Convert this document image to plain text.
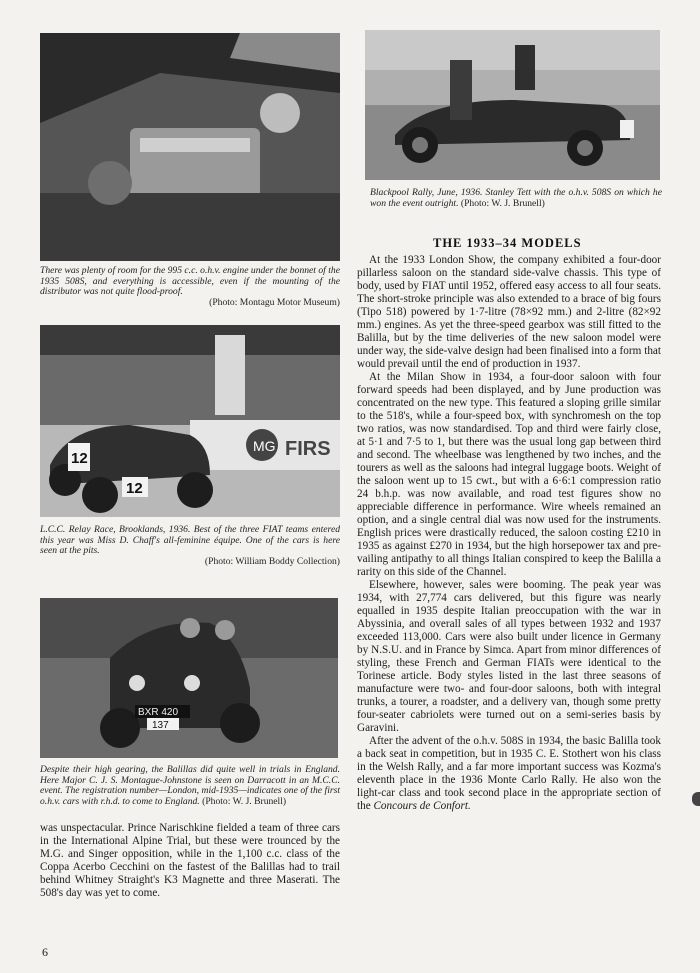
There was plenty of room for the 995 c.c. o.h.v. engine under the bonnet of the 1935 508S, and everything is accessible, even if the mounting of the distributor was not quite flood-proof.
(Photo: Montagu Motor Museum)
Blackpool Rally, June, 1936. Stanley Tett with the o.h.v. 508S on which he won the event outright. (Photo: W. J. Brunell)
MG FIRS
12
12
L.C.C. Relay Race, Brooklands, 1936. Best of the three FIAT teams entered this year was Miss D. Chaff's all-feminine équipe. One of the cars is here seen at the pits.
(Photo: William Boddy Collection)
BXR 420
137
Despite their high gearing, the Balillas did quite well in trials in England. Here Major C. J. S. Montague-Johnstone is seen on Darracott in an M.C.C. event. The registration number—London, mid-1935—indicates one of the first o.h.v. cars with r.h.d. to come to England. (Photo: W. J. Brunell)
THE 1933–34 MODELS

At the 1933 London Show, the company exhibited a four-door pillarless saloon on the standard side-valve chassis. This type of body, used by FIAT until 1952, offered easy access to all four seats. The short-stroke principle was also extended to a brace of big fours (Tipo 518) powered by 1·7-litre (78×92 mm.) and 2-litre (82×92 mm.) engines. As yet the three-speed gearbox was still fitted to the Balilla, but by the time deliveries of the new saloon model were under way, the side-valve design had been finalised into a form that would prevail until the end of production in 1937.

At the Milan Show in 1934, a four-door saloon with four forward speeds had been displayed, and by June production was concentrated on the new type. This featured a sloping grille similar to the 518's, while a four-speed box, with synchromesh on the top two ratios, was now standardised. Top and third were fairly close, at 5·1 and 7·5 to 1, but there was the usual long gap between third and second. The wheelbase was lengthened by two inches, and the tourers as well as the saloons had integral luggage boots. Weight of the saloon went up to 15 cwt., but with a 6·6:1 compression ratio 24 b.h.p. was now available, and road test figures show no appreciable difference in performance. Wire wheels remained an option, and a single central dial was now used for the instruments. English prices were drastically reduced, the saloon costing £210 in 1935 as against £270 in 1934, but the high horsepower tax and pre-vailing antipathy to all things Italian conspired to keep the Balilla a rarity on this side of the Channel.

Elsewhere, however, sales were booming. The peak year was 1934, with 27,774 cars delivered, but this figure was nearly equalled in 1935 despite Italian preoccupation with the war in Abyssinia, and overall sales of all types between 1932 and 1937 exceeded 113,000. Cars were also built under licence in Germany by N.S.U. and in France by Simca. Apart from minor differences of styling, these French and German FIATs were identical to the Torinese article. Body styles listed in the last three seasons of manufacture were two- and four-door saloons, both with integral trunks, a tourer, a roadster, and a delivery van, though some pretty four-seater cabriolets were turned out on a semi-series basis by Garavini.

After the advent of the o.h.v. 508S in 1934, the basic Balilla took a back seat in competition, but in 1935 C. E. Stothert won his class in the Welsh Rally, and a far more important success was Kozma's eleventh place in the 1936 Monte Carlo Rally. He also won the light-car class and took second place in the appropriate section of the Concours de Confort.

was unspectacular. Prince Narischkine fielded a team of three cars in the International Alpine Trial, but these were trounced by the M.G. and Singer opposition, while in the 1,100 c.c. class of the Coppa Acerbo Cecchini on the fastest of the Balillas had to trail behind Whitney Straight's K3 Magnette and three Maserati. The 508's day was yet to come.

6
